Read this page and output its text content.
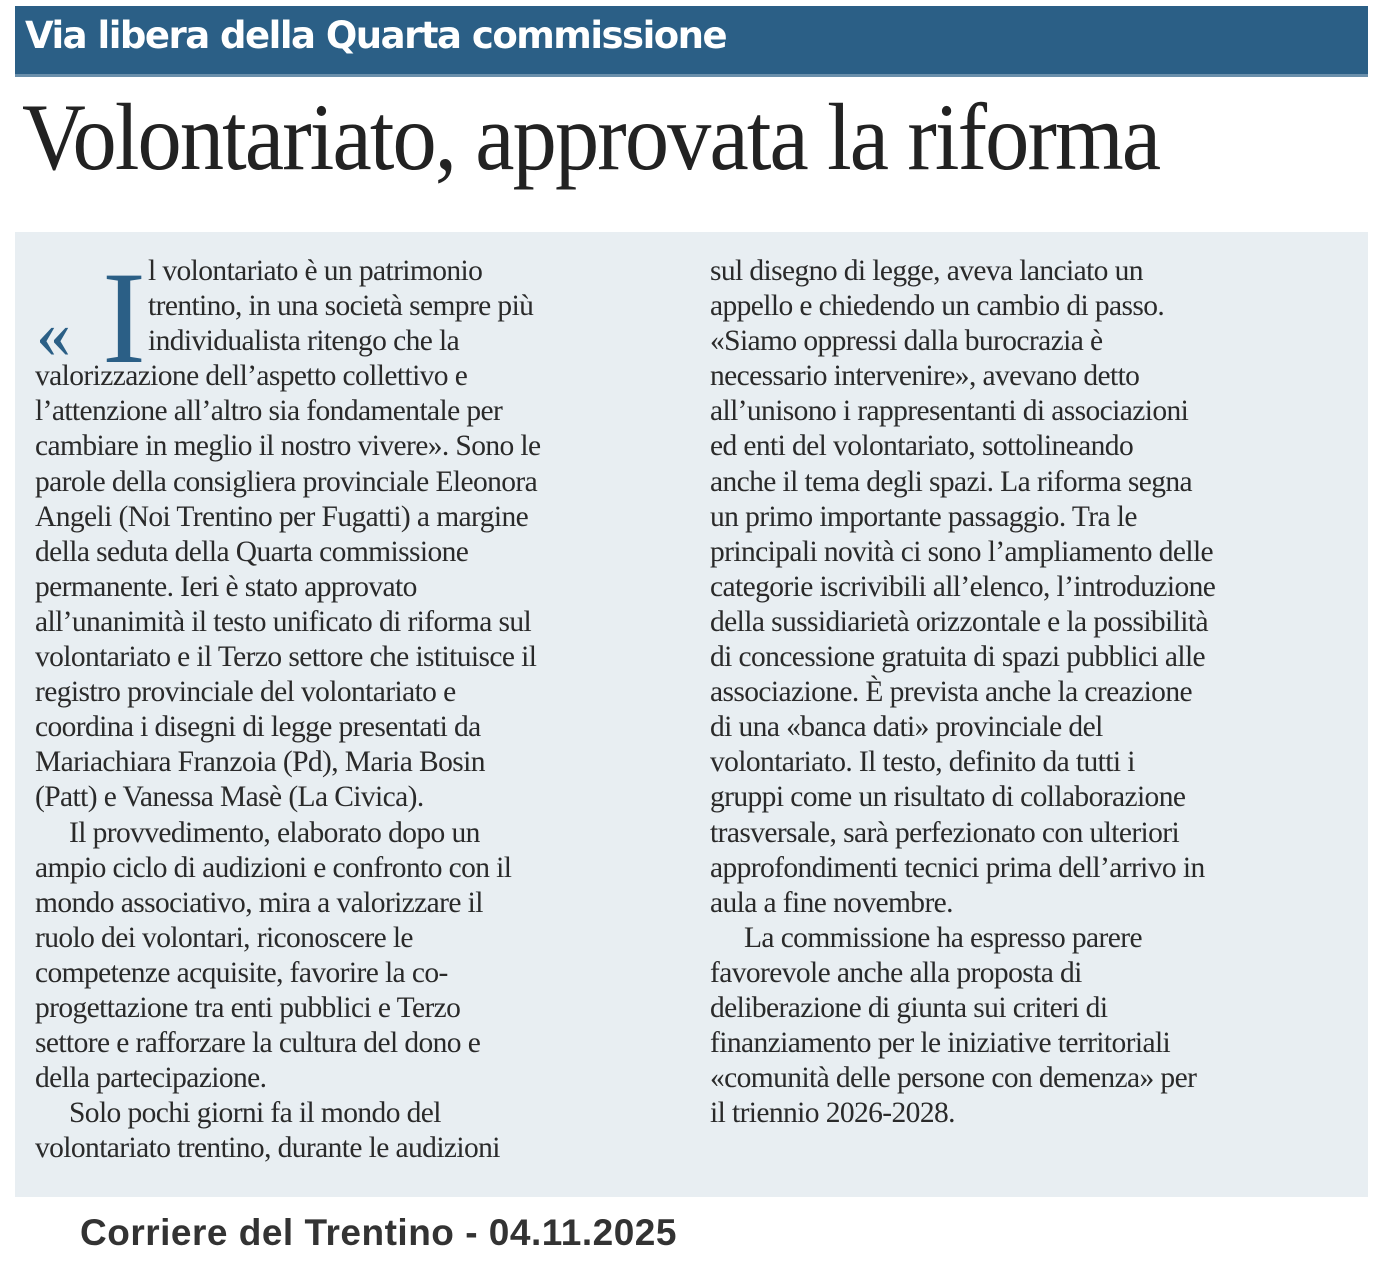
Via libera della Quarta commissione
Volontariato, approvata la riforma
« I l volontariato è un patrimonio
trentino, in una società sempre più
individualista ritengo che la
valorizzazione dell’aspetto collettivo e
l’attenzione all’altro sia fondamentale per
cambiare in meglio il nostro vivere». Sono le
parole della consigliera provinciale Eleonora
Angeli (Noi Trentino per Fugatti) a margine
della seduta della Quarta commissione
permanente. Ieri è stato approvato
all’unanimità il testo unificato di riforma sul
volontariato e il Terzo settore che istituisce il
registro provinciale del volontariato e
coordina i disegni di legge presentati da
Mariachiara Franzoia (Pd), Maria Bosin
(Patt) e Vanessa Masè (La Civica).
Il provvedimento, elaborato dopo un
ampio ciclo di audizioni e confronto con il
mondo associativo, mira a valorizzare il
ruolo dei volontari, riconoscere le
competenze acquisite, favorire la co-
progettazione tra enti pubblici e Terzo
settore e rafforzare la cultura del dono e
della partecipazione.
Solo pochi giorni fa il mondo del
volontariato trentino, durante le audizioni
sul disegno di legge, aveva lanciato un
appello e chiedendo un cambio di passo.
«Siamo oppressi dalla burocrazia è
necessario intervenire», avevano detto
all’unisono i rappresentanti di associazioni
ed enti del volontariato, sottolineando
anche il tema degli spazi. La riforma segna
un primo importante passaggio. Tra le
principali novità ci sono l’ampliamento delle
categorie iscrivibili all’elenco, l’introduzione
della sussidiarietà orizzontale e la possibilità
di concessione gratuita di spazi pubblici alle
associazione. È prevista anche la creazione
di una «banca dati» provinciale del
volontariato. Il testo, definito da tutti i
gruppi come un risultato di collaborazione
trasversale, sarà perfezionato con ulteriori
approfondimenti tecnici prima dell’arrivo in
aula a fine novembre.
La commissione ha espresso parere
favorevole anche alla proposta di
deliberazione di giunta sui criteri di
finanziamento per le iniziative territoriali
«comunità delle persone con demenza» per
il triennio 2026-2028.
Corriere del Trentino - 04.11.2025
